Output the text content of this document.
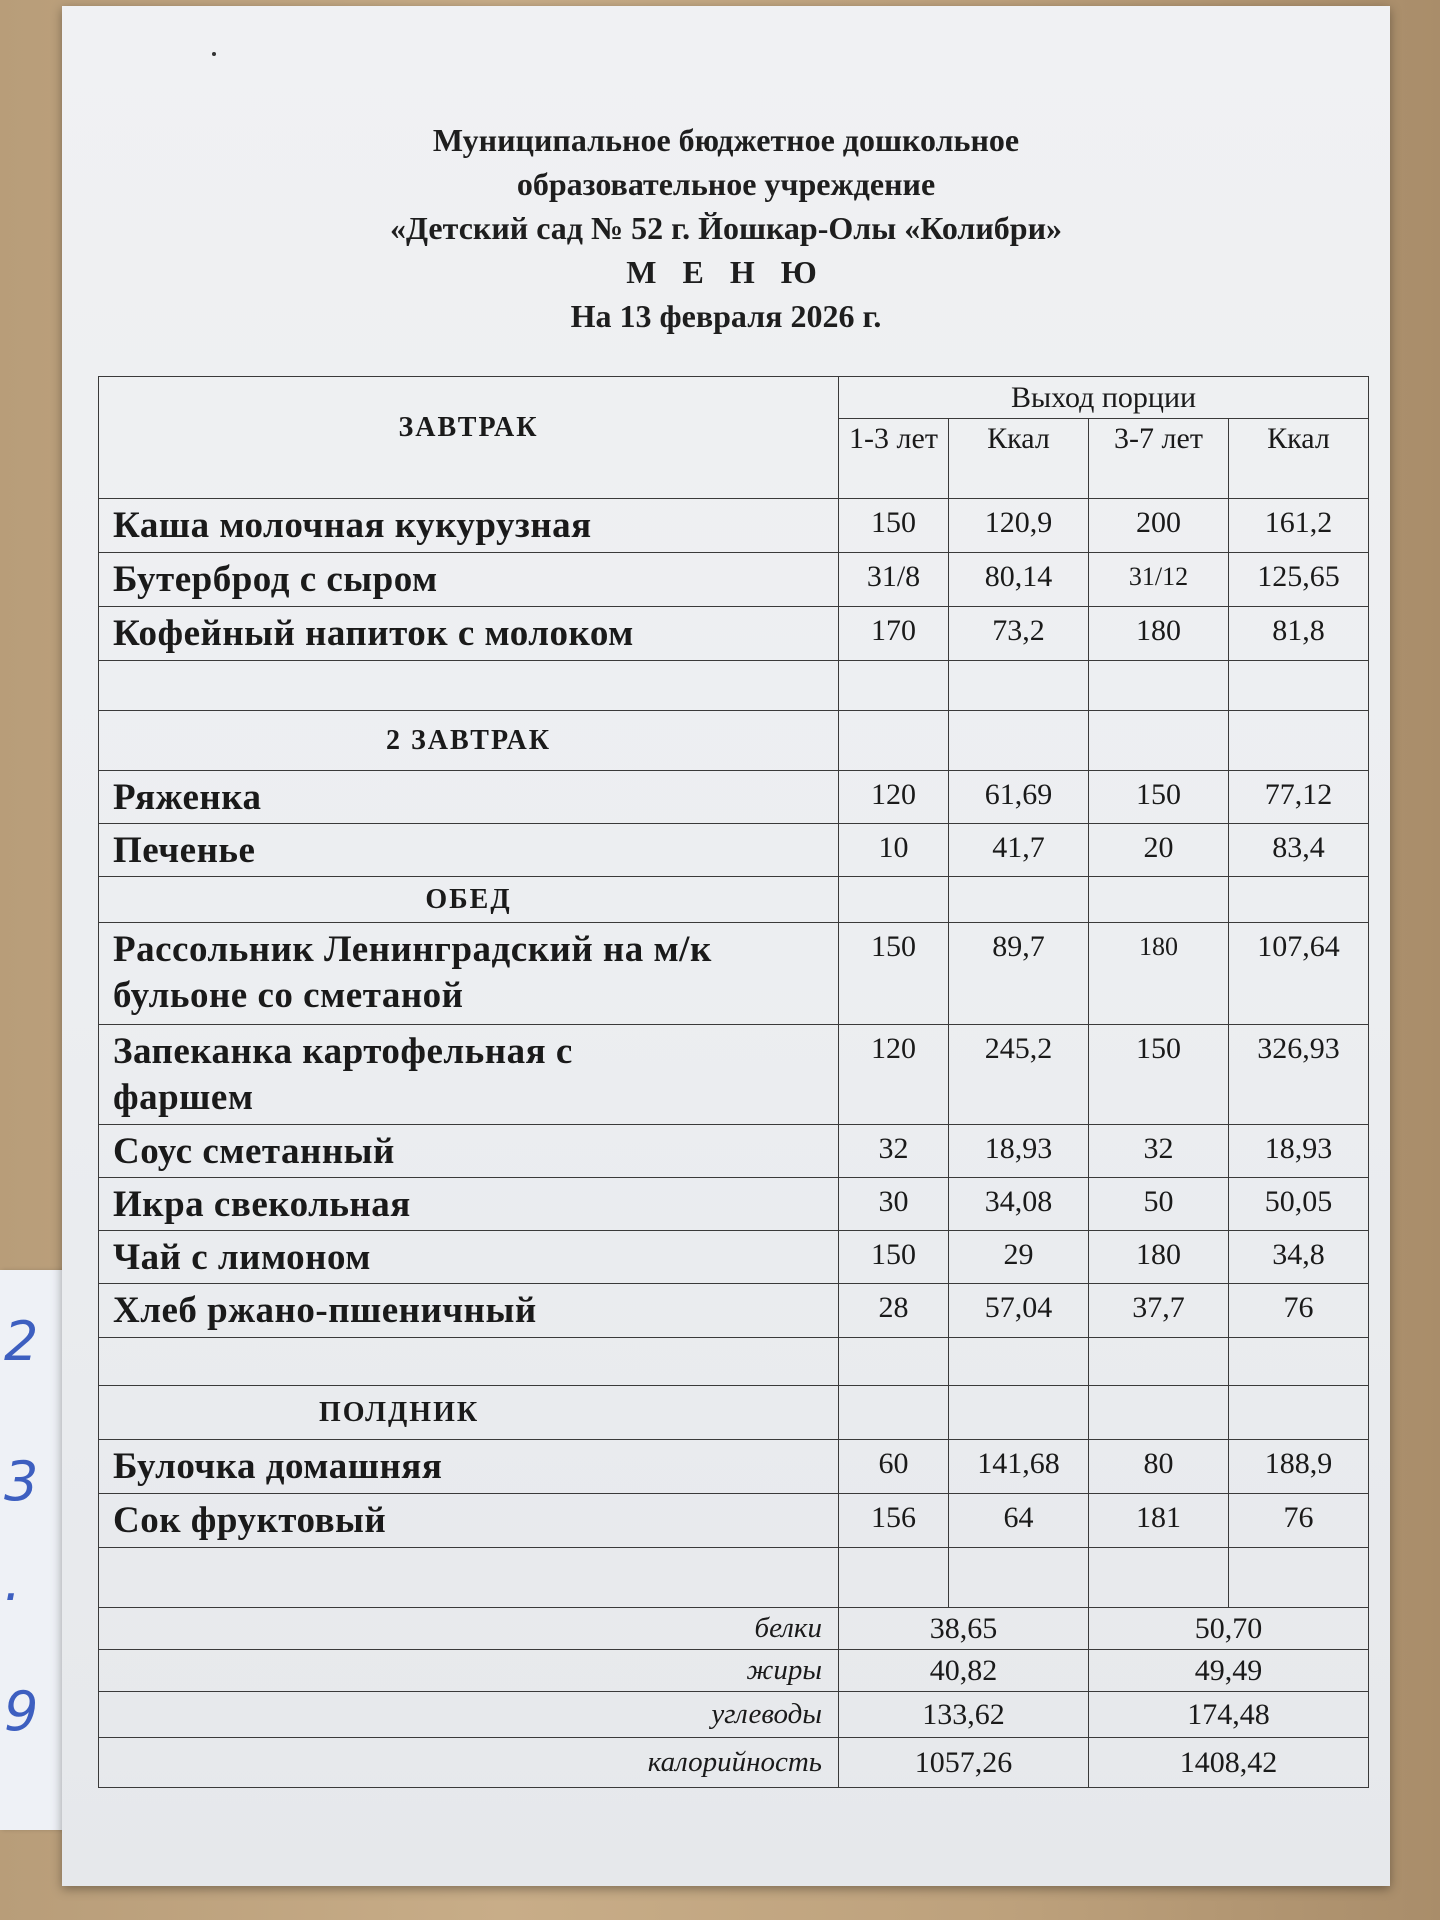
2
3
.
9
Муниципальное бюджетное дошкольное
образовательное учреждение
«Детский сад № 52 г. Йошкар-Олы «Колибри»
М Е Н Ю
На 13 февраля 2026 г.
ЗАВТРАК	Выход порции			
	1-3 лет	Ккал	3-7 лет	Ккал
Каша молочная кукурузная	150	120,9	200	161,2
Бутерброд с сыром	31/8	80,14	31/12	125,65
Кофейный напиток с молоком	170	73,2	180	81,8

2 ЗАВТРАК				
Ряженка	120	61,69	150	77,12
Печенье	10	41,7	20	83,4
ОБЕД				

Рассольник Ленинградский на м/к
бульоне со сметаной	150	89,7	180	107,64

Запеканка картофельная с
фаршем	120	245,2	150	326,93
Соус сметанный	32	18,93	32	18,93
Икра свекольная	30	34,08	50	50,05
Чай с лимоном	150	29	180	34,8
Хлеб ржано-пшеничный	28	57,04	37,7	76

ПОЛДНИК				
Булочка домашняя	60	141,68	80	188,9
Сок фруктовый	156	64	181	76

белки	38,65		50,70	
жиры	40,82		49,49	
углеводы	133,62		174,48	
калорийность	1057,26		1408,42	
